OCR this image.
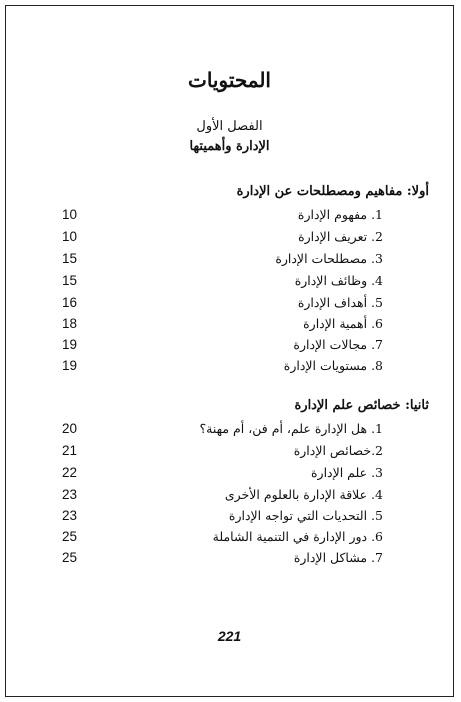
المحتويات
الفصل الأول
الإدارة وأهميتها
أولا: مفاهيم ومصطلحات عن الإدارة
1. مفهوم الإدارة
10
2. تعريف الإدارة
10
3. مصطلحات الإدارة
15
4. وظائف الإدارة
15
5. أهداف الإدارة
16
6. أهمية الإدارة
18
7. مجالات الإدارة
19
8. مستويات الإدارة
19
ثانيا: خصائص علم الإدارة
1. هل الإدارة علم، أم فن، أم مهنة؟
20
2.خصائص الإدارة
21
3. علم الإدارة
22
4. علاقة الإدارة بالعلوم الأخرى
23
5. التحديات التي تواجه الإدارة
23
6. دور الإدارة في التنمية الشاملة
25
7. مشاكل الإدارة
25
221
